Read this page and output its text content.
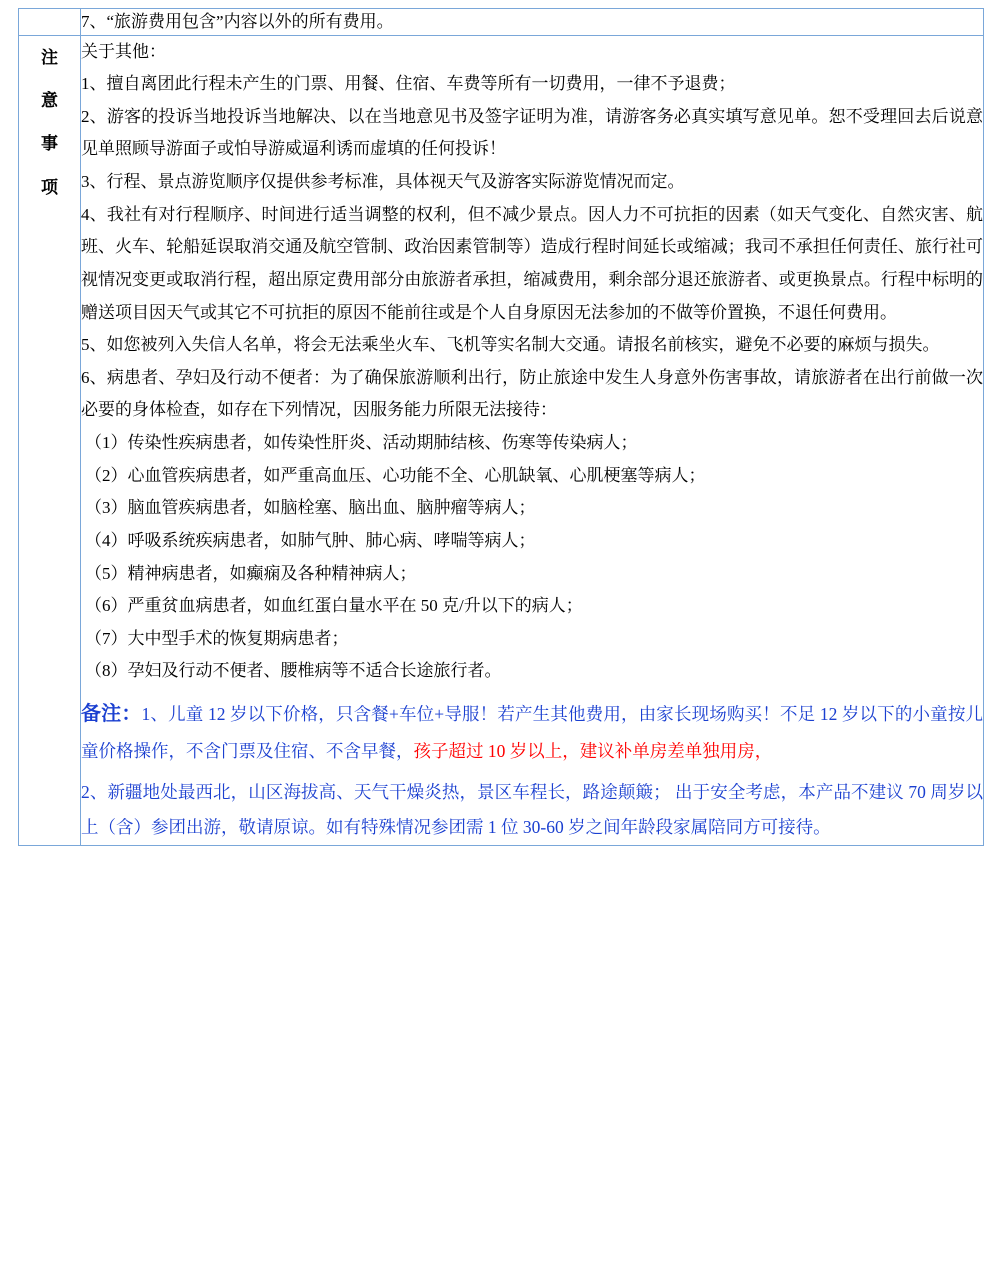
	7、“旅游费用包含”内容以外的所有费用。

注
意
事
项

关于其他：

1、擅自离团此行程未产生的门票、用餐、住宿、车费等所有一切费用，一律不予退费；

2、游客的投诉当地投诉当地解决、以在当地意见书及签字证明为准，请游客务必真实填写意见单。恕不受理回去后说意见单照顾导游面子或怕导游威逼利诱而虚填的任何投诉！

3、行程、景点游览顺序仅提供参考标准，具体视天气及游客实际游览情况而定。

4、我社有对行程顺序、时间进行适当调整的权利，但不减少景点。因人力不可抗拒的因素（如天气变化、自然灾害、航班、火车、轮船延误取消交通及航空管制、政治因素管制等）造成行程时间延长或缩减；我司不承担任何责任、旅行社可视情况变更或取消行程，超出原定费用部分由旅游者承担，缩减费用，剩余部分退还旅游者、或更换景点。行程中标明的赠送项目因天气或其它不可抗拒的原因不能前往或是个人自身原因无法参加的不做等价置换，不退任何费用。

5、如您被列入失信人名单，将会无法乘坐火车、飞机等实名制大交通。请报名前核实，避免不必要的麻烦与损失。

6、病患者、孕妇及行动不便者：为了确保旅游顺利出行，防止旅途中发生人身意外伤害事故，请旅游者在出行前做一次必要的身体检查，如存在下列情况，因服务能力所限无法接待：

（1）传染性疾病患者，如传染性肝炎、活动期肺结核、伤寒等传染病人；

（2）心血管疾病患者，如严重高血压、心功能不全、心肌缺氧、心肌梗塞等病人；

（3）脑血管疾病患者，如脑栓塞、脑出血、脑肿瘤等病人；

（4）呼吸系统疾病患者，如肺气肿、肺心病、哮喘等病人；

（5）精神病患者，如癫痫及各种精神病人；

（6）严重贫血病患者，如血红蛋白量水平在 50 克/升以下的病人；

（7）大中型手术的恢复期病患者；

（8）孕妇及行动不便者、腰椎病等不适合长途旅行者。

备注：1、儿童 12 岁以下价格，只含餐+车位+导服！若产生其他费用，由家长现场购买！不足 12 岁以下的小童按儿童价格操作，不含门票及住宿、不含早餐，孩子超过 10 岁以上，建议补单房差单独用房，

2、新疆地处最西北，山区海拔高、天气干燥炎热，景区车程长，路途颠簸； 出于安全考虑，本产品不建议 70 周岁以上（含）参团出游，敬请原谅。如有特殊情况参团需 1 位 30-60 岁之间年龄段家属陪同方可接待。
